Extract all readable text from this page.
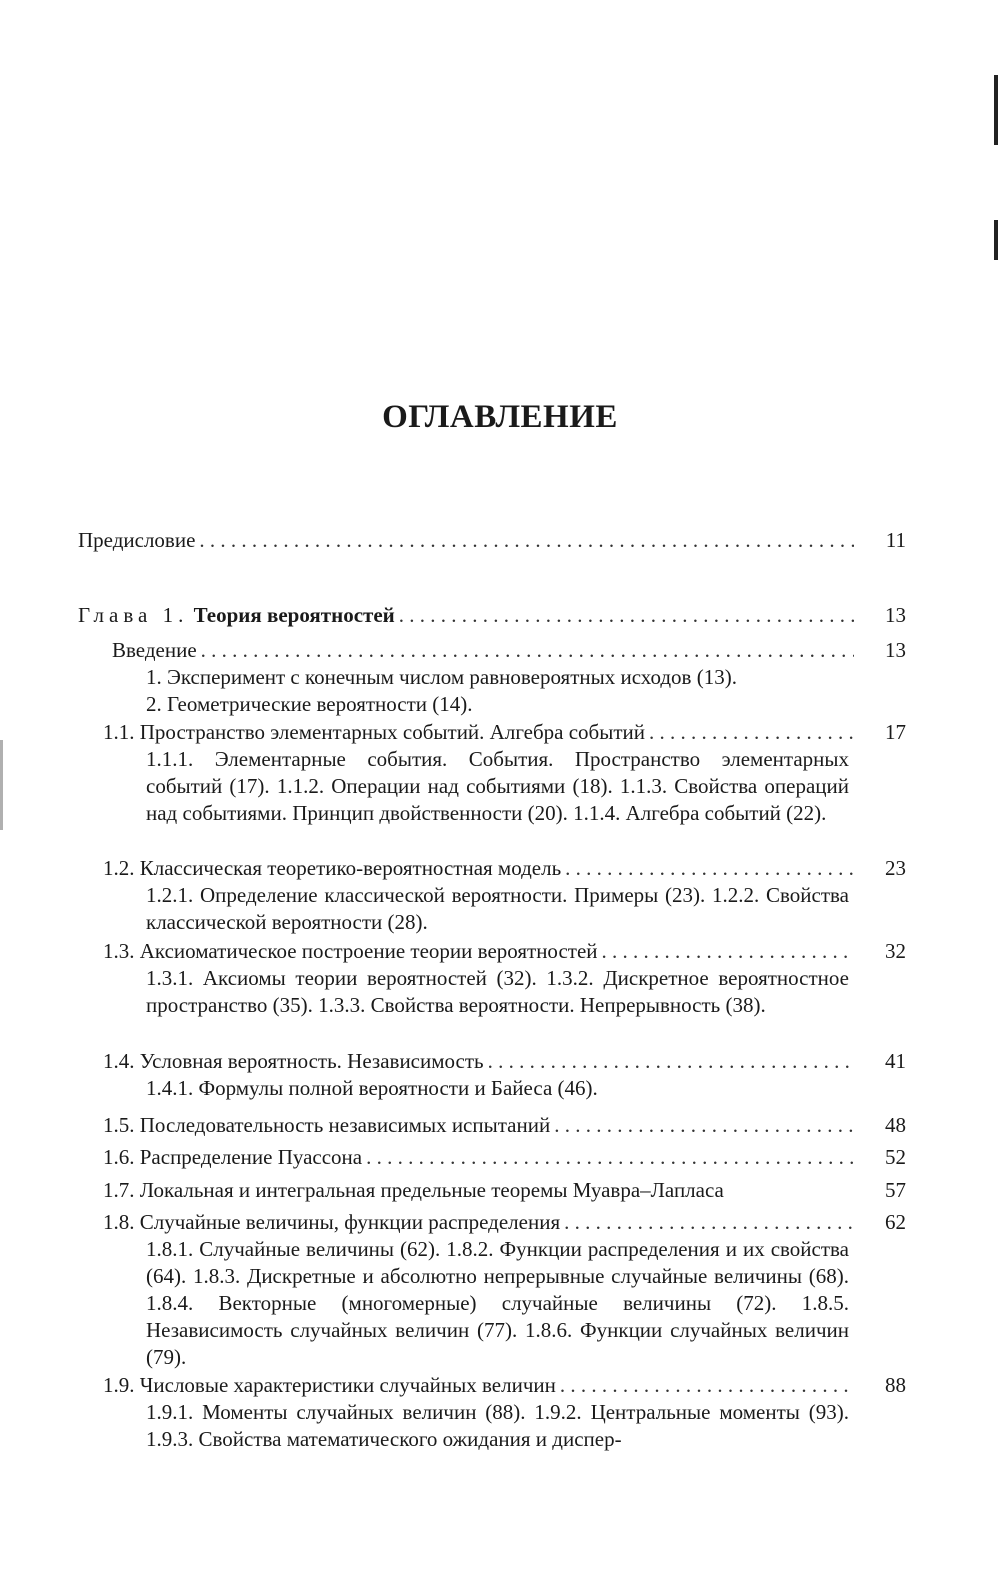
ОГЛАВЛЕНИЕ
Предисловие . . .	11
Глава 1. Теория вероятностей . . .	13
Введение . . .	13

1. Эксперимент с конечным числом равновероятных исходов (13).

2. Геометрические вероятности (14).

1.1. Пространство элементарных событий. Алгебра событий . . .	17
1.1.1. Элементарные события. События. Пространство элементарных событий (17). 1.1.2. Операции над событиями (18). 1.1.3. Свойства операций над событиями. Принцип двойственности (20). 1.1.4. Алгебра событий (22).
1.2. Классическая теоретико-вероятностная модель . . .	23
1.2.1. Определение классической вероятности. Примеры (23). 1.2.2. Свойства классической вероятности (28).
1.3. Аксиоматическое построение теории вероятностей . . .	32
1.3.1. Аксиомы теории вероятностей (32). 1.3.2. Дискретное вероятностное пространство (35). 1.3.3. Свойства вероятности. Непрерывность (38).
1.4. Условная вероятность. Независимость . . .	41
1.4.1. Формулы полной вероятности и Байеса (46).
1.5. Последовательность независимых испытаний . . .	48
1.6. Распределение Пуассона . . .	52
1.7. Локальная и интегральная предельные теоремы Муавра–Лапласа	57
1.8. Случайные величины, функции распределения . . .	62
1.8.1. Случайные величины (62). 1.8.2. Функции распределения и их свойства (64). 1.8.3. Дискретные и абсолютно непрерывные случайные величины (68). 1.8.4. Векторные (многомерные) случайные величины (72). 1.8.5. Независимость случайных величин (77). 1.8.6. Функции случайных величин (79).
1.9. Числовые характеристики случайных величин . . .	88
1.9.1. Моменты случайных величин (88). 1.9.2. Центральные моменты (93). 1.9.3. Свойства математического ожидания и диспер-
